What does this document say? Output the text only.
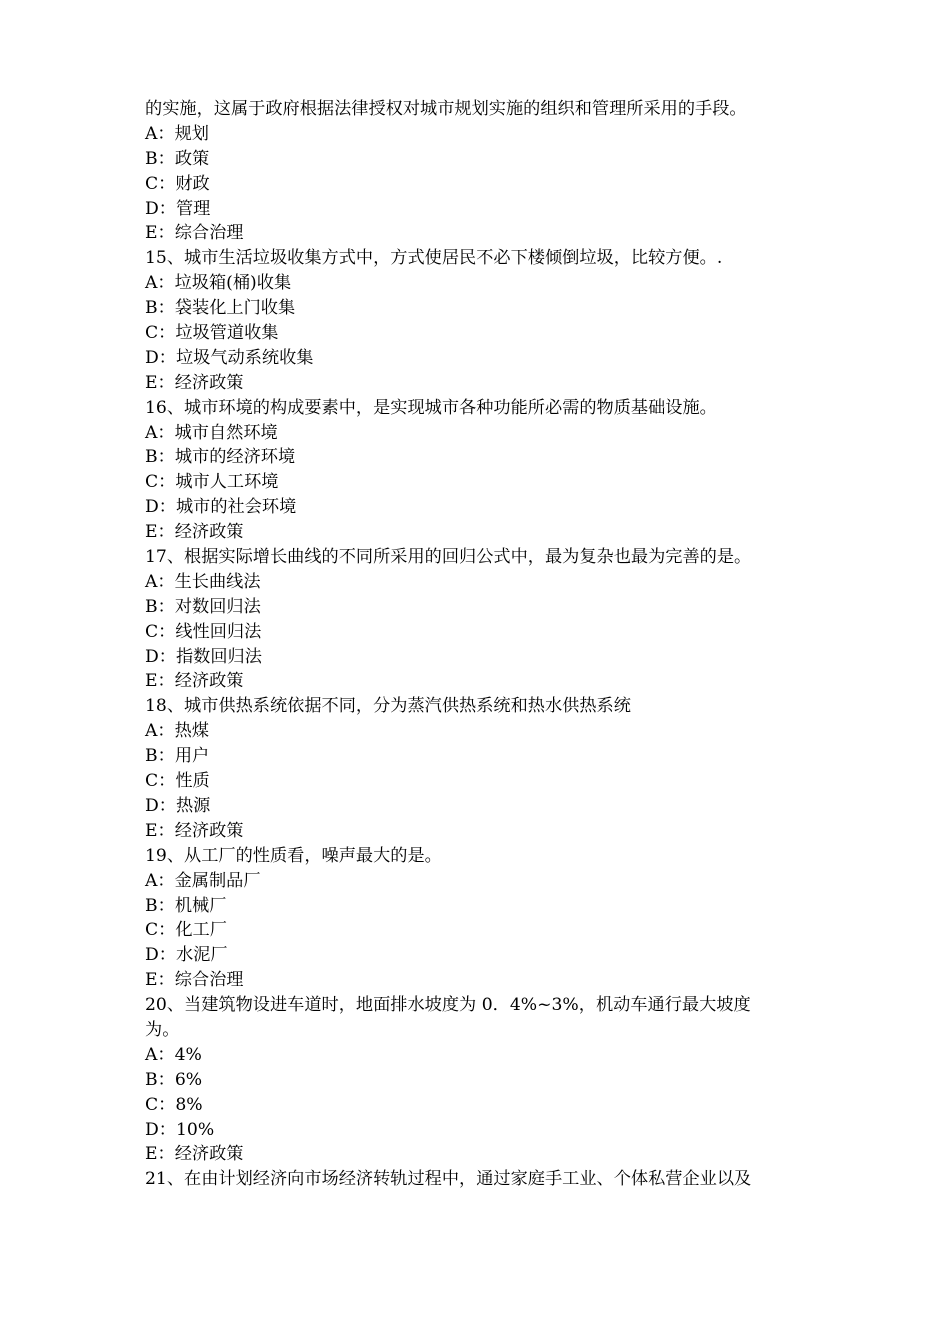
的实施，这属于政府根据法律授权对城市规划实施的组织和管理所采用的手段。
A：规划
B：政策
C：财政
D：管理
E：综合治理
15、城市生活垃圾收集方式中，方式使居民不必下楼倾倒垃圾，比较方便。.
A：垃圾箱(桶)收集
B：袋装化上门收集
C：垃圾管道收集
D：垃圾气动系统收集
E：经济政策
16、城市环境的构成要素中，是实现城市各种功能所必需的物质基础设施。
A：城市自然环境
B：城市的经济环境
C：城市人工环境
D：城市的社会环境
E：经济政策
17、根据实际增长曲线的不同所采用的回归公式中，最为复杂也最为完善的是。
A：生长曲线法
B：对数回归法
C：线性回归法
D：指数回归法
E：经济政策
18、城市供热系统依据不同，分为蒸汽供热系统和热水供热系统
A：热煤
B：用户
C：性质
D：热源
E：经济政策
19、从工厂的性质看，噪声最大的是。
A：金属制品厂
B：机械厂
C：化工厂
D：水泥厂
E：综合治理
20、当建筑物设进车道时，地面排水坡度为 0．4%~3%，机动车通行最大坡度
为。
A：4%
B：6%
C：8%
D：10%
E：经济政策
21、在由计划经济向市场经济转轨过程中，通过家庭手工业、个体私营企业以及
